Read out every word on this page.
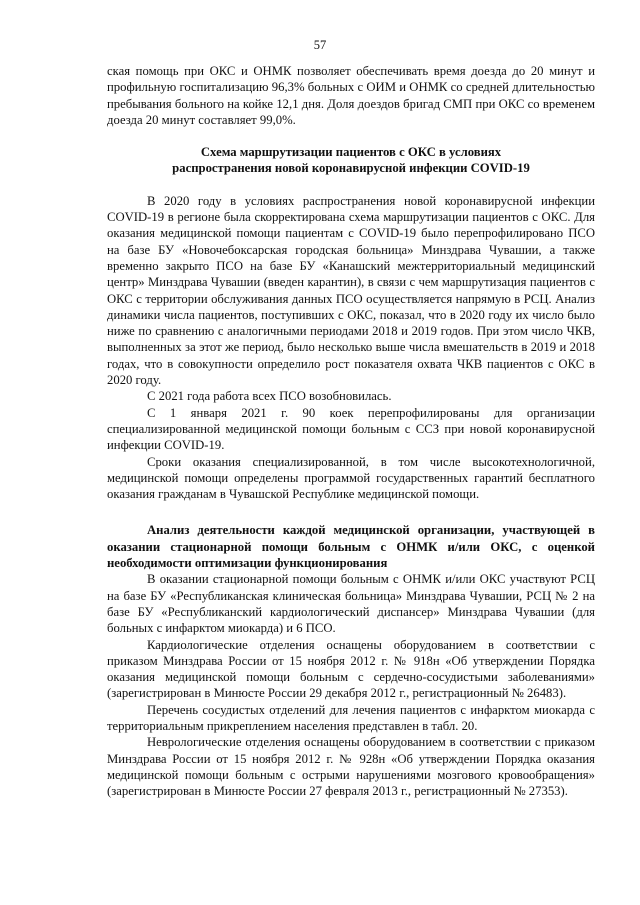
57

ская помощь при ОКС и ОНМК позволяет обеспечивать время доезда до 20 минут и профильную госпитализацию 96,3% больных с ОИМ и ОНМК со средней длительностью пребывания больного на койке 12,1 дня. Доля доездов бригад СМП при ОКС со временем доезда 20 минут составляет 99,0%.

Схема маршрутизации пациентов с ОКС в условиях
распространения новой коронавирусной инфекции COVID-19

В 2020 году в условиях распространения новой коронавирусной инфекции COVID-19 в регионе была скорректирована схема маршрутизации пациентов с ОКС. Для оказания медицинской помощи пациентам с COVID-19 было перепрофилировано ПСО на базе БУ «Новочебоксарская городская больница» Минздрава Чувашии, а также временно закрыто ПСО на базе БУ «Канашский межтерриториальный медицинский центр» Минздрава Чувашии (введен карантин), в связи с чем маршрутизация пациентов с ОКС с территории обслуживания данных ПСО осуществляется напрямую в РСЦ. Анализ динамики числа пациентов, поступивших с ОКС, показал, что в 2020 году их число было ниже по сравнению с аналогичными периодами 2018 и 2019 годов. При этом число ЧКВ, выполненных за этот же период, было несколько выше числа вмешательств в 2019 и 2018 годах, что в совокупности определило рост показателя охвата ЧКВ пациентов с ОКС в 2020 году.

С 2021 года работа всех ПСО возобновилась.

С 1 января 2021 г. 90 коек перепрофилированы для организации специализированной медицинской помощи больным с ССЗ при новой коронавирусной инфекции COVID-19.

Сроки оказания специализированной, в том числе высокотехнологичной, медицинской помощи определены программой государственных гарантий бесплатного оказания гражданам в Чувашской Республике медицинской помощи.

Анализ деятельности каждой медицинской организации, участвующей в оказании стационарной помощи больным с ОНМК и/или ОКС, с оценкой необходимости оптимизации функционирования

В оказании стационарной помощи больным с ОНМК и/или ОКС участвуют РСЦ на базе БУ «Республиканская клиническая больница» Минздрава Чувашии, РСЦ № 2 на базе БУ «Республиканский кардиологический диспансер» Минздрава Чувашии (для больных с инфарктом миокарда) и 6 ПСО.

Кардиологические отделения оснащены оборудованием в соответствии с приказом Минздрава России от 15 ноября 2012 г. № 918н «Об утверждении Порядка оказания медицинской помощи больным с сердечно-сосудистыми заболеваниями» (зарегистрирован в Минюсте России 29 декабря 2012 г., регистрационный № 26483).

Перечень сосудистых отделений для лечения пациентов с инфарктом миокарда с территориальным прикреплением населения представлен в табл. 20.

Неврологические отделения оснащены оборудованием в соответствии с приказом Минздрава России от 15 ноября 2012 г. № 928н «Об утверждении Порядка оказания медицинской помощи больным с острыми нарушениями мозгового кровообращения» (зарегистрирован в Минюсте России 27 февраля 2013 г., регистрационный № 27353).
